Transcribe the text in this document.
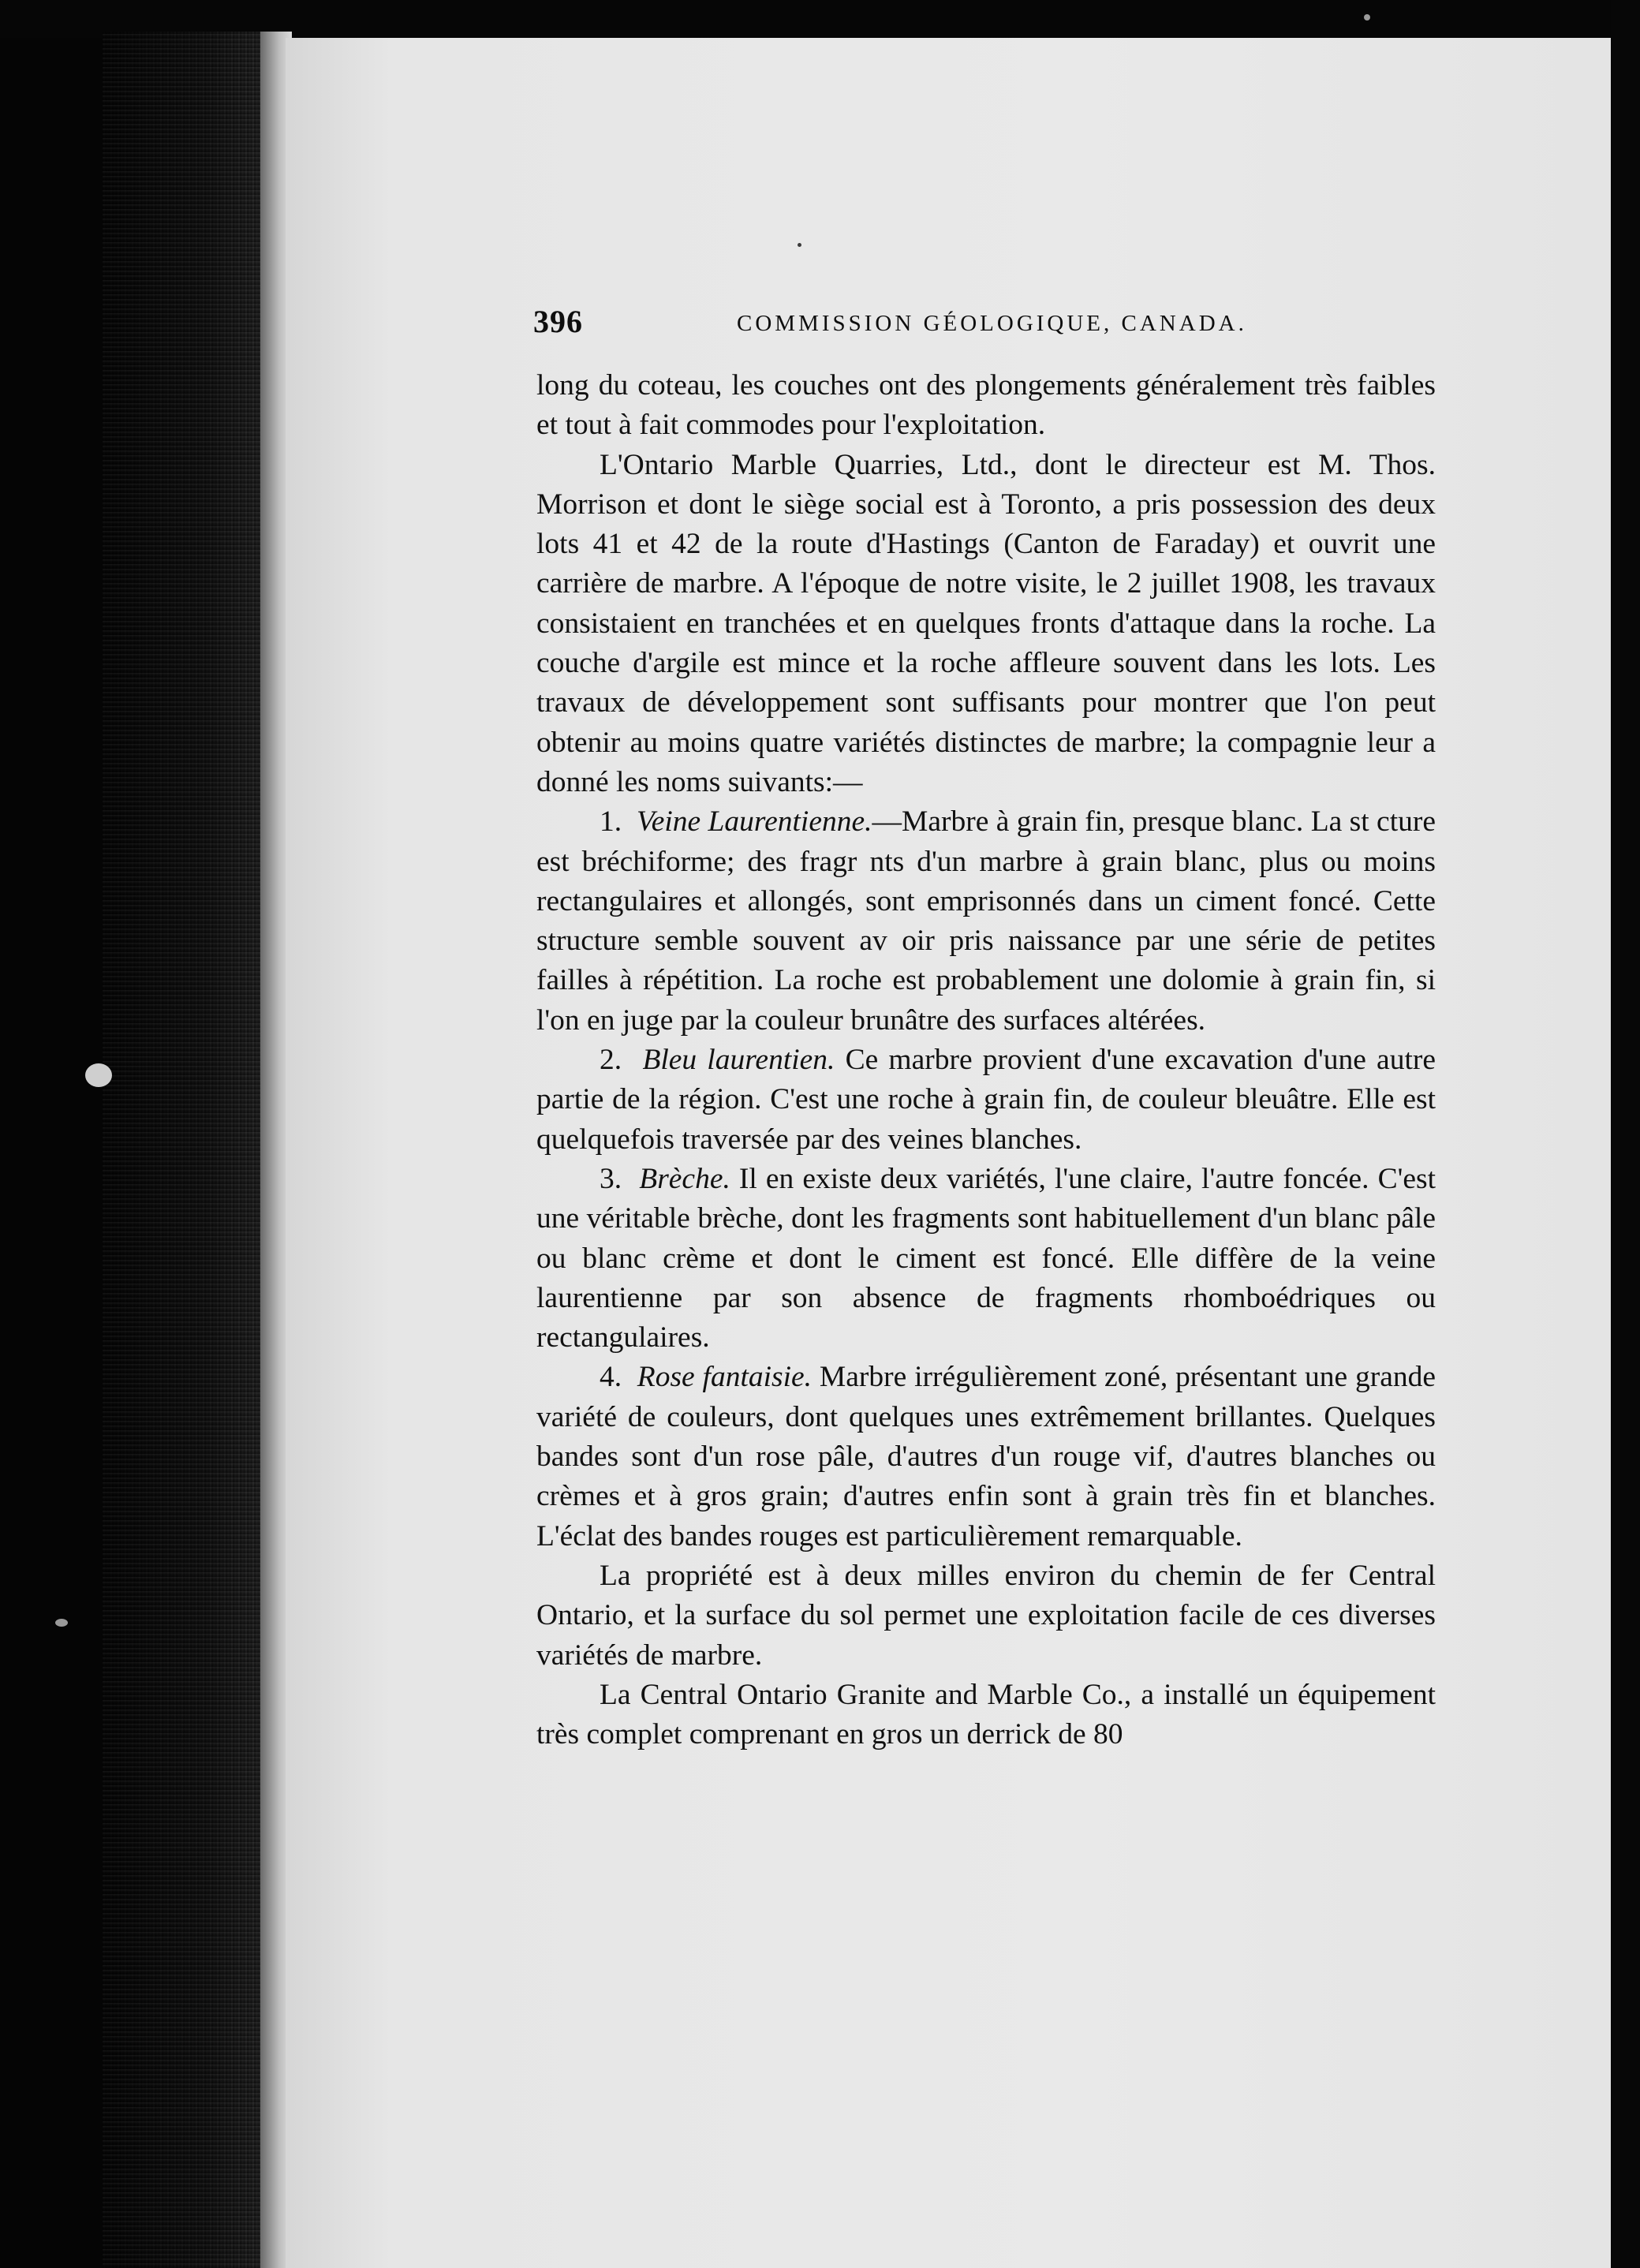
396	COMMISSION GÉOLOGIQUE, CANADA.

long du coteau, les couches ont des plongements généralement très faibles et tout à fait commodes pour l'exploitation.

L'Ontario Marble Quarries, Ltd., dont le directeur est M. Thos. Morrison et dont le siège social est à Toronto, a pris possession des deux lots 41 et 42 de la route d'Hastings (Canton de Faraday) et ouvrit une carrière de marbre. A l'époque de notre visite, le 2 juillet 1908, les travaux consistaient en tranchées et en quelques fronts d'attaque dans la roche. La couche d'argile est mince et la roche affleure souvent dans les lots. Les travaux de développement sont suffisants pour montrer que l'on peut obtenir au moins quatre variétés distinctes de marbre; la compagnie leur a donné les noms suivants:—

1. Veine Laurentienne.—Marbre à grain fin, presque blanc. La st cture est bréchiforme; des fragr nts d'un marbre à grain blanc, plus ou moins rectangulaires et allongés, sont emprisonnés dans un ciment foncé. Cette structure semble souvent av oir pris naissance par une série de petites failles à répétition. La roche est probablement une dolomie à grain fin, si l'on en juge par la couleur brunâtre des surfaces altérées.

2. Bleu laurentien. Ce marbre provient d'une excavation d'une autre partie de la région. C'est une roche à grain fin, de couleur bleuâtre. Elle est quelquefois traversée par des veines blanches.

3. Brèche. Il en existe deux variétés, l'une claire, l'autre foncée. C'est une véritable brèche, dont les fragments sont habituellement d'un blanc pâle ou blanc crème et dont le ciment est foncé. Elle diffère de la veine laurentienne par son absence de fragments rhomboédriques ou rectangulaires.

4. Rose fantaisie. Marbre irrégulièrement zoné, présentant une grande variété de couleurs, dont quelques unes extrêmement brillantes. Quelques bandes sont d'un rose pâle, d'autres d'un rouge vif, d'autres blanches ou crèmes et à gros grain; d'autres enfin sont à grain très fin et blanches. L'éclat des bandes rouges est particulièrement remarquable.

La propriété est à deux milles environ du chemin de fer Central Ontario, et la surface du sol permet une exploitation facile de ces diverses variétés de marbre.

La Central Ontario Granite and Marble Co., a installé un équipement très complet comprenant en gros un derrick de 80
